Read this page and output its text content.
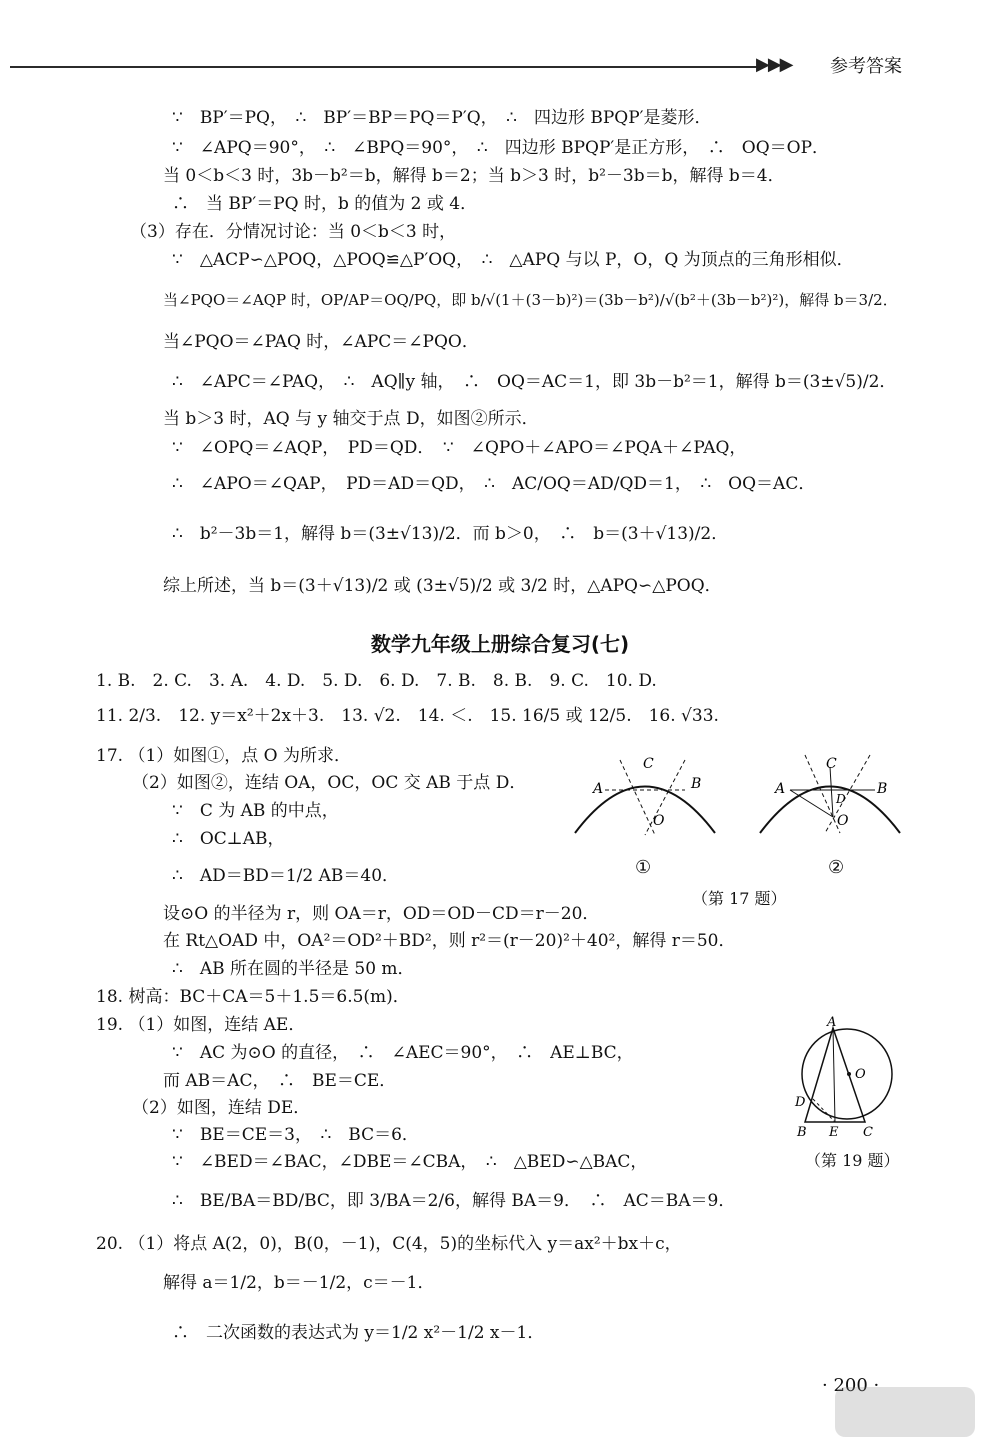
▶▶▶ 参考答案
∵　BP′＝PQ，　∴　BP′＝BP＝PQ＝P′Q，　∴　四边形 BPQP′是菱形．
∵　∠APQ＝90°，　∴　∠BPQ＝90°，　∴　四边形 BPQP′是正方形，　∴　OQ＝OP．
当 0＜b＜3 时，3b－b²＝b，解得 b＝2；当 b＞3 时，b²－3b＝b，解得 b＝4．
∴　当 BP′＝PQ 时，b 的值为 2 或 4．
（3）存在．分情况讨论：当 0＜b＜3 时，
∵　△ACP∽△POQ，△POQ≌△P′OQ，　∴　△APQ 与以 P，O，Q 为顶点的三角形相似．
当∠PQO＝∠AQP 时，OP/AP＝OQ/PQ，即 b/√(1＋(3－b)²)＝(3b－b²)/√(b²＋(3b－b²)²)，解得 b＝3/2．
当∠PQO＝∠PAQ 时，∠APC＝∠PQO．
∴　∠APC＝∠PAQ，　∴　AQ∥y 轴，　∴　OQ＝AC＝1，即 3b－b²＝1，解得 b＝(3±√5)/2．
当 b＞3 时，AQ 与 y 轴交于点 D，如图②所示．
∵　∠OPQ＝∠AQP，　PD＝QD．　∵　∠QPO＋∠APO＝∠PQA＋∠PAQ，
∴　∠APO＝∠QAP，　PD＝AD＝QD，　∴　AC/OQ＝AD/QD＝1，　∴　OQ＝AC．
∴　b²－3b＝1，解得 b＝(3±√13)/2．而 b＞0，　∴　b＝(3＋√13)/2．
综上所述，当 b＝(3＋√13)/2 或 (3±√5)/2 或 3/2 时，△APQ∽△POQ．
数学九年级上册综合复习(七)
1. B.　2. C.　3. A.　4. D.　5. D.　6. D.　7. B.　8. B.　9. C.　10. D.
11. 2/3.　12. y＝x²＋2x＋3.　13. √2.　14. ＜.　15. 16/5 或 12/5.　16. √33.
17. （1）如图①，点 O 为所求．
（2）如图②，连结 OA，OC，OC 交 AB 于点 D．
∵　C 为 AB 的中点，
∴　OC⊥AB，
∴　AD＝BD＝1/2 AB＝40．
设⊙O 的半径为 r，则 OA＝r，OD＝OD－CD＝r－20．
在 Rt△OAD 中，OA²＝OD²＋BD²，则 r²＝(r－20)²＋40²，解得 r＝50．
∴　AB 所在圆的半径是 50 m．
18. 树高：BC＋CA＝5＋1.5＝6.5(m)．
19. （1）如图，连结 AE．
∵　AC 为⊙O 的直径，　∴　∠AEC＝90°，　∴　AE⊥BC，
而 AB＝AC，　∴　BE＝CE．
（2）如图，连结 DE．
∵　BE＝CE＝3，　∴　BC＝6．
∵　∠BED＝∠BAC，∠DBE＝∠CBA，　∴　△BED∽△BAC，
∴　BE/BA＝BD/BC，即 3/BA＝2/6，解得 BA＝9．　∴　AC＝BA＝9．
20. （1）将点 A(2，0)，B(0，－1)，C(4，5)的坐标代入 y＝ax²＋bx＋c，
解得 a＝1/2，b＝－1/2，c＝－1．
∴　二次函数的表达式为 y＝1/2 x²－1/2 x－1．
A
C
B
O
A
C
B
D
O
①	②
（第 17 题）
A
O
D
B E C
（第 19 题）
· 200 ·
